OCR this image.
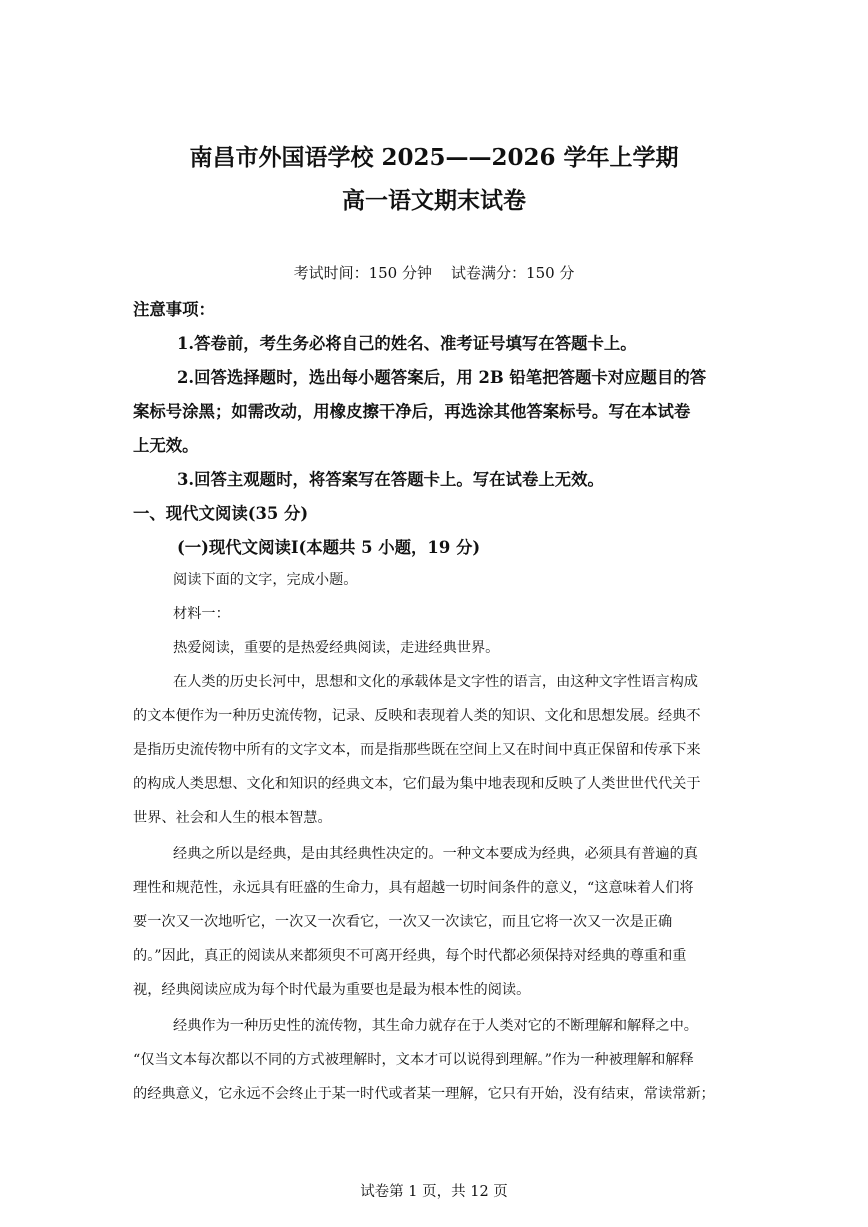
南昌市外国语学校 2025——2026 学年上学期
高一语文期末试卷
考试时间：150 分钟    试卷满分：150 分
注意事项：
1.答卷前，考生务必将自己的姓名、准考证号填写在答题卡上。
2.回答选择题时，选出每小题答案后，用 2B 铅笔把答题卡对应题目的答
案标号涂黑；如需改动，用橡皮擦干净后，再选涂其他答案标号。写在本试卷
上无效。
3.回答主观题时，将答案写在答题卡上。写在试卷上无效。
一、现代文阅读(35 分)
(一)现代文阅读I(本题共 5 小题，19 分)
阅读下面的文字，完成小题。
材料一：
热爱阅读，重要的是热爱经典阅读，走进经典世界。
在人类的历史长河中，思想和文化的承载体是文字性的语言，由这种文字性语言构成
的文本便作为一种历史流传物，记录、反映和表现着人类的知识、文化和思想发展。经典不
是指历史流传物中所有的文字文本，而是指那些既在空间上又在时间中真正保留和传承下来
的构成人类思想、文化和知识的经典文本，它们最为集中地表现和反映了人类世世代代关于
世界、社会和人生的根本智慧。
经典之所以是经典，是由其经典性决定的。一种文本要成为经典，必须具有普遍的真
理性和规范性，永远具有旺盛的生命力，具有超越一切时间条件的意义，“这意味着人们将
要一次又一次地听它，一次又一次看它，一次又一次读它，而且它将一次又一次是正确
的。”因此，真正的阅读从来都须臾不可离开经典，每个时代都必须保持对经典的尊重和重
视，经典阅读应成为每个时代最为重要也是最为根本性的阅读。
经典作为一种历史性的流传物，其生命力就存在于人类对它的不断理解和解释之中。
“仅当文本每次都以不同的方式被理解时，文本才可以说得到理解。”作为一种被理解和解释
的经典意义，它永远不会终止于某一时代或者某一理解，它只有开始，没有结束，常读常新；
试卷第 1 页，共 12 页
